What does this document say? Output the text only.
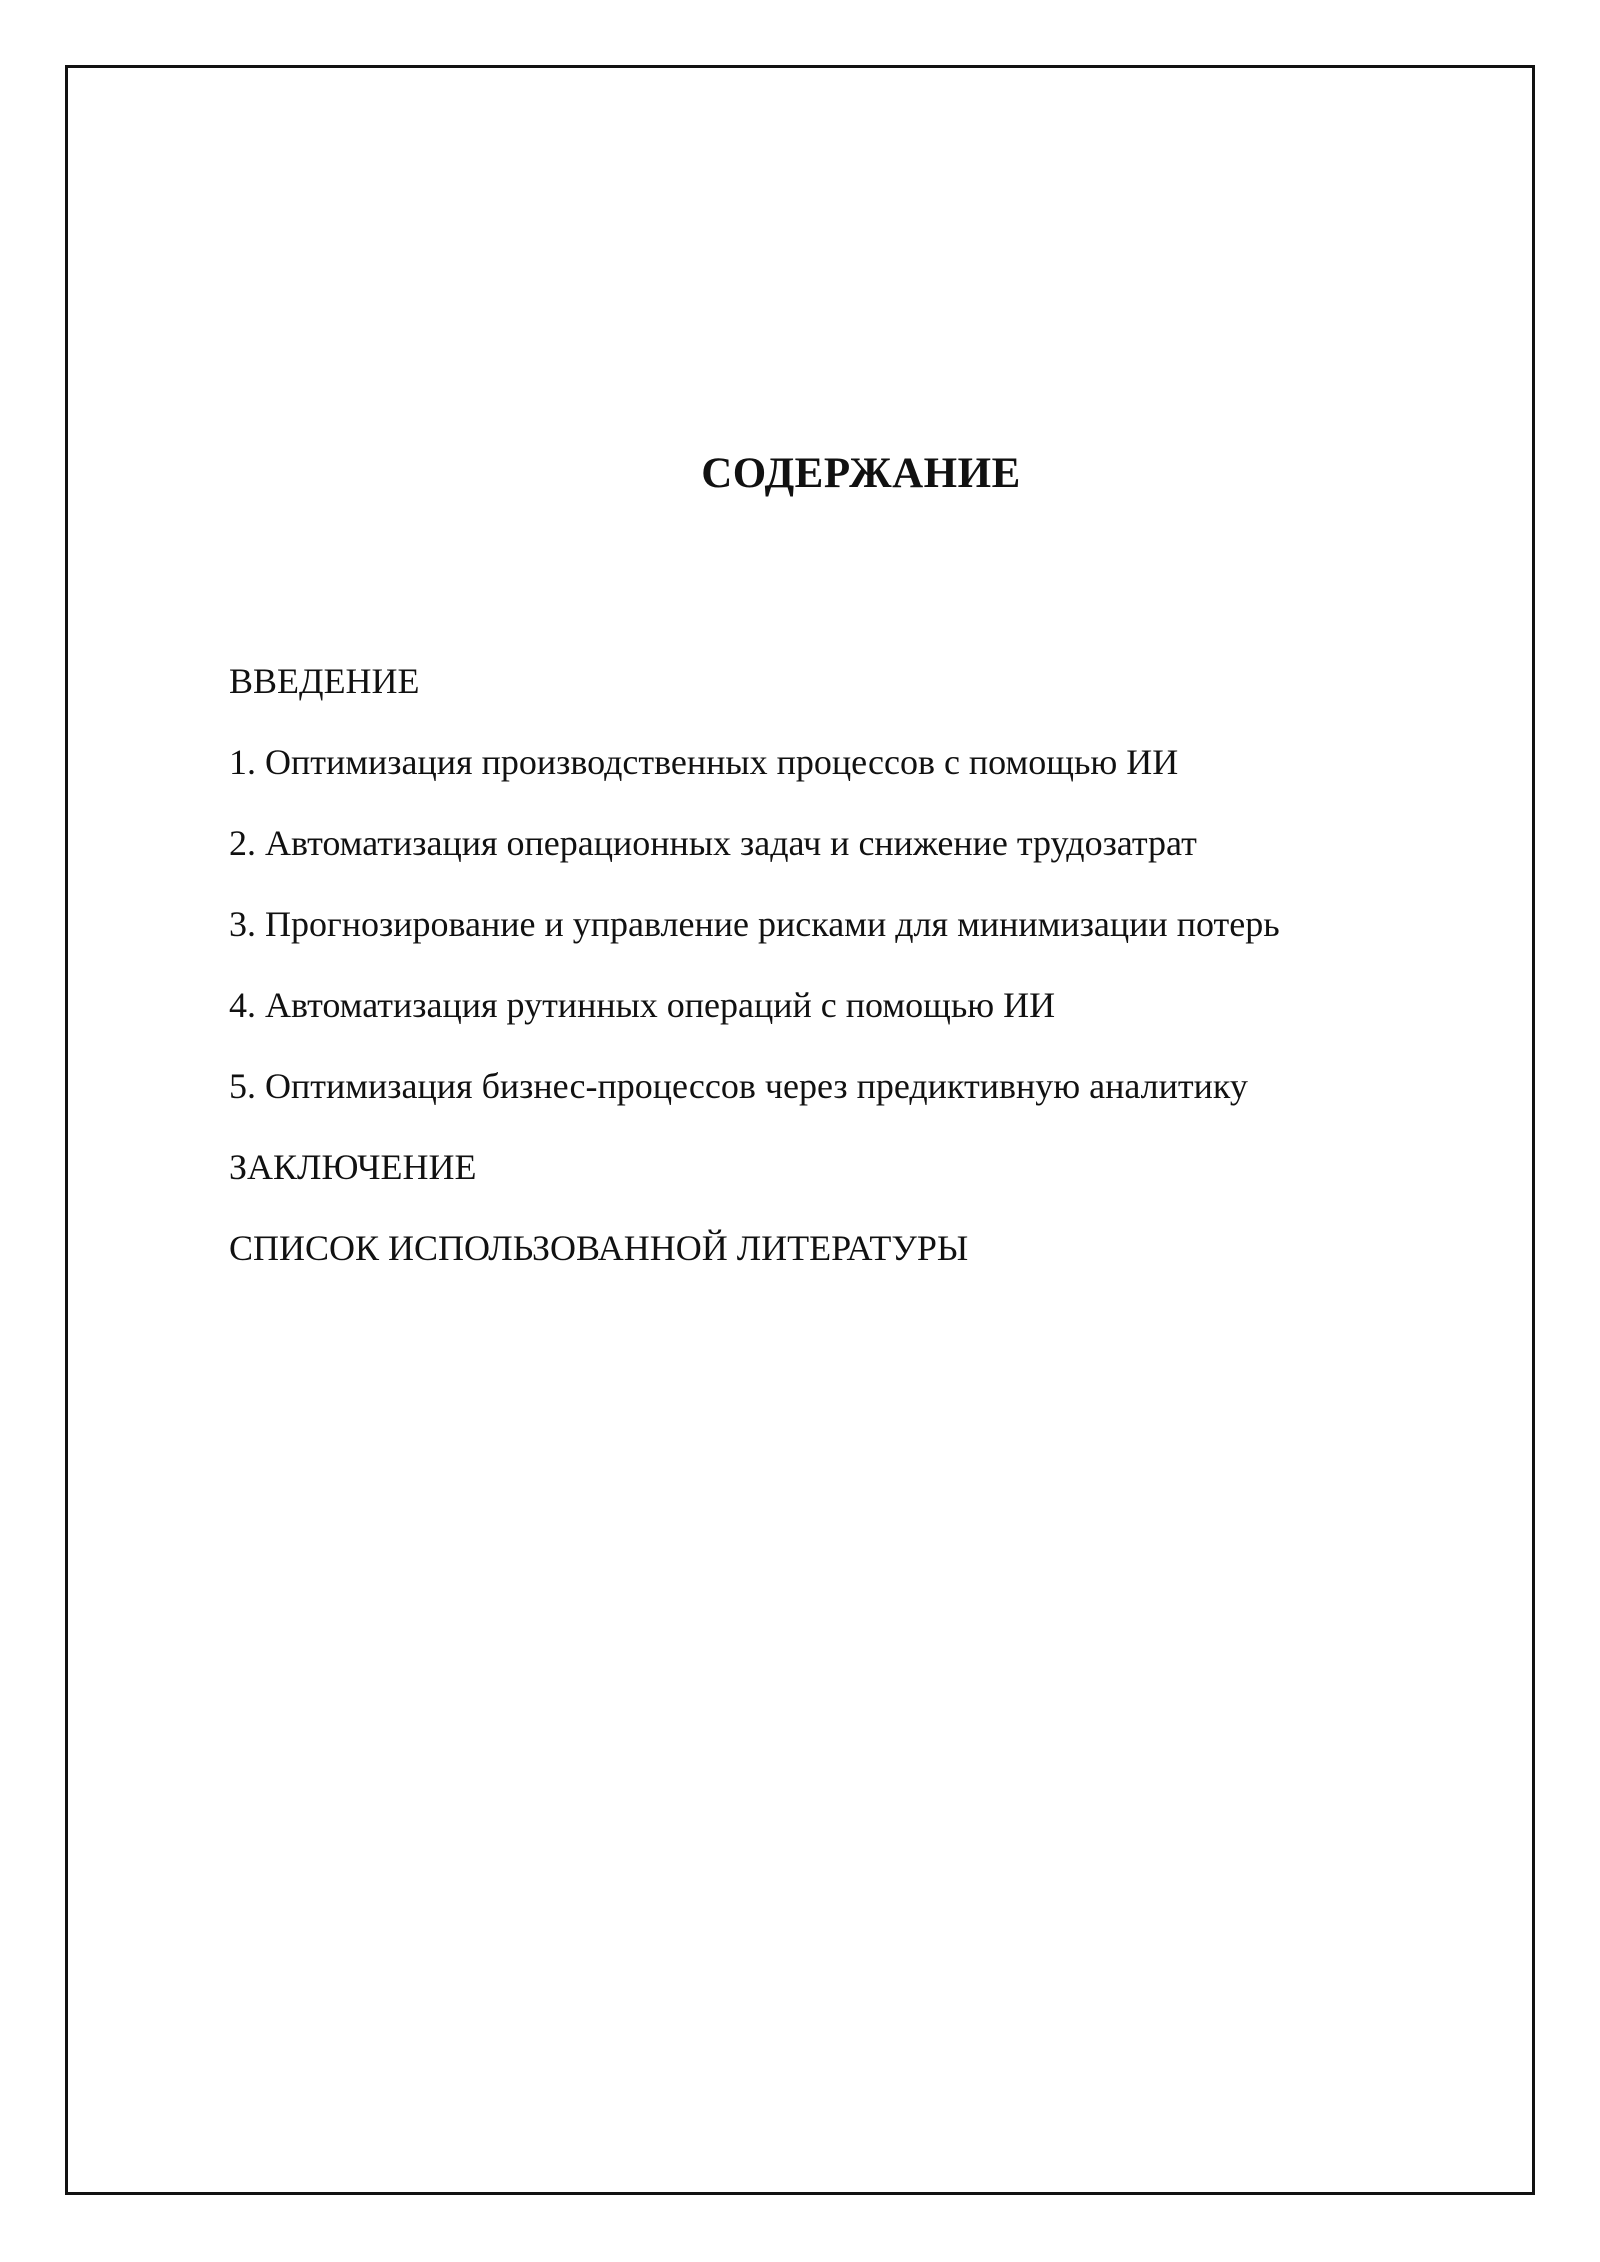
СОДЕРЖАНИЕ
ВВЕДЕНИЕ
1. Оптимизация производственных процессов с помощью ИИ
2. Автоматизация операционных задач и снижение трудозатрат
3. Прогнозирование и управление рисками для минимизации потерь
4. Автоматизация рутинных операций с помощью ИИ
5. Оптимизация бизнес-процессов через предиктивную аналитику
ЗАКЛЮЧЕНИЕ
СПИСОК ИСПОЛЬЗОВАННОЙ ЛИТЕРАТУРЫ
